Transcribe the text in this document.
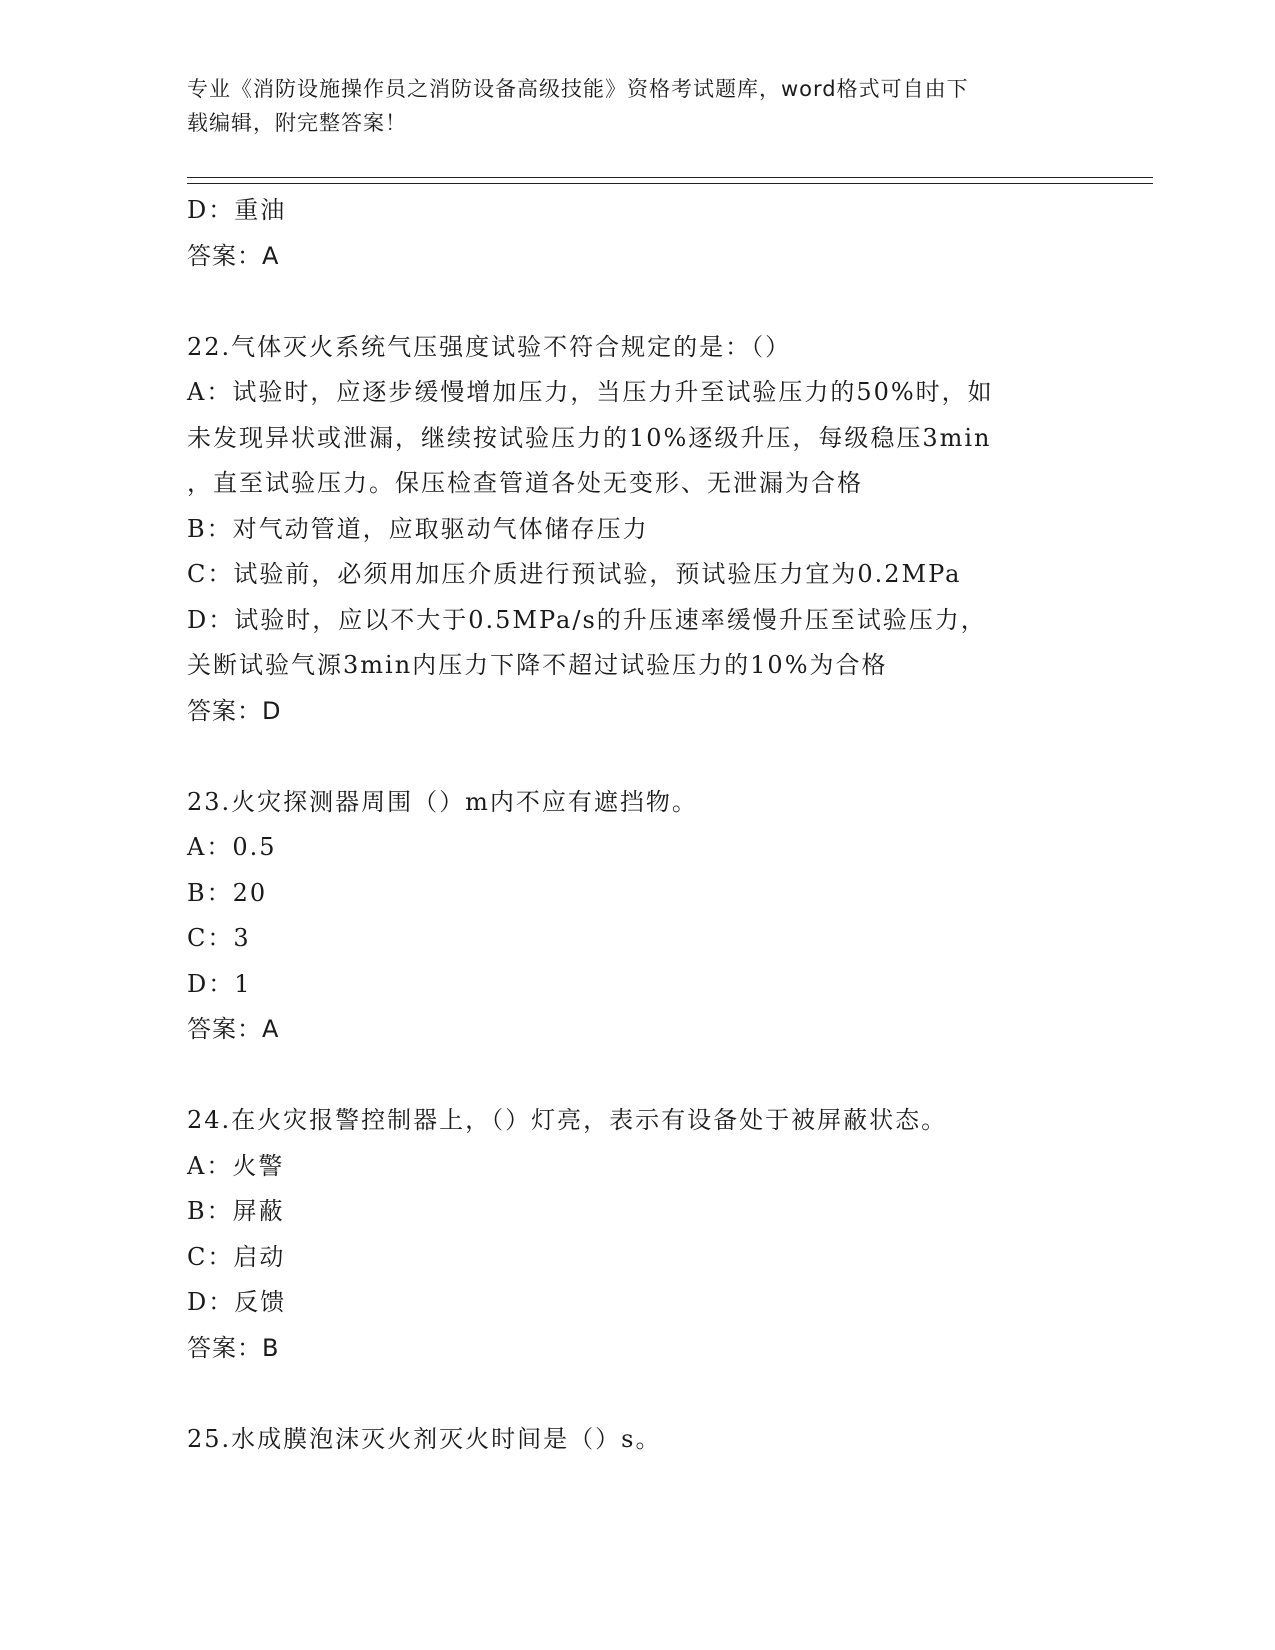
专业《消防设施操作员之消防设备高级技能》资格考试题库，word格式可自由下
载编辑，附完整答案！
D：重油
答案：A
22.气体灭火系统气压强度试验不符合规定的是：（）
A：试验时，应逐步缓慢增加压力，当压力升至试验压力的50%时，如
未发现异状或泄漏，继续按试验压力的10%逐级升压，每级稳压3min
，直至试验压力。保压检查管道各处无变形、无泄漏为合格
B：对气动管道，应取驱动气体储存压力
C：试验前，必须用加压介质进行预试验，预试验压力宜为0.2MPa
D：试验时，应以不大于0.5MPa/s的升压速率缓慢升压至试验压力，
关断试验气源3min内压力下降不超过试验压力的10%为合格
答案：D
23.火灾探测器周围（）m内不应有遮挡物。
A：0.5
B：20
C：3
D：1
答案：A
24.在火灾报警控制器上，（）灯亮，表示有设备处于被屏蔽状态。
A：火警
B：屏蔽
C：启动
D：反馈
答案：B
25.水成膜泡沫灭火剂灭火时间是（）s。
